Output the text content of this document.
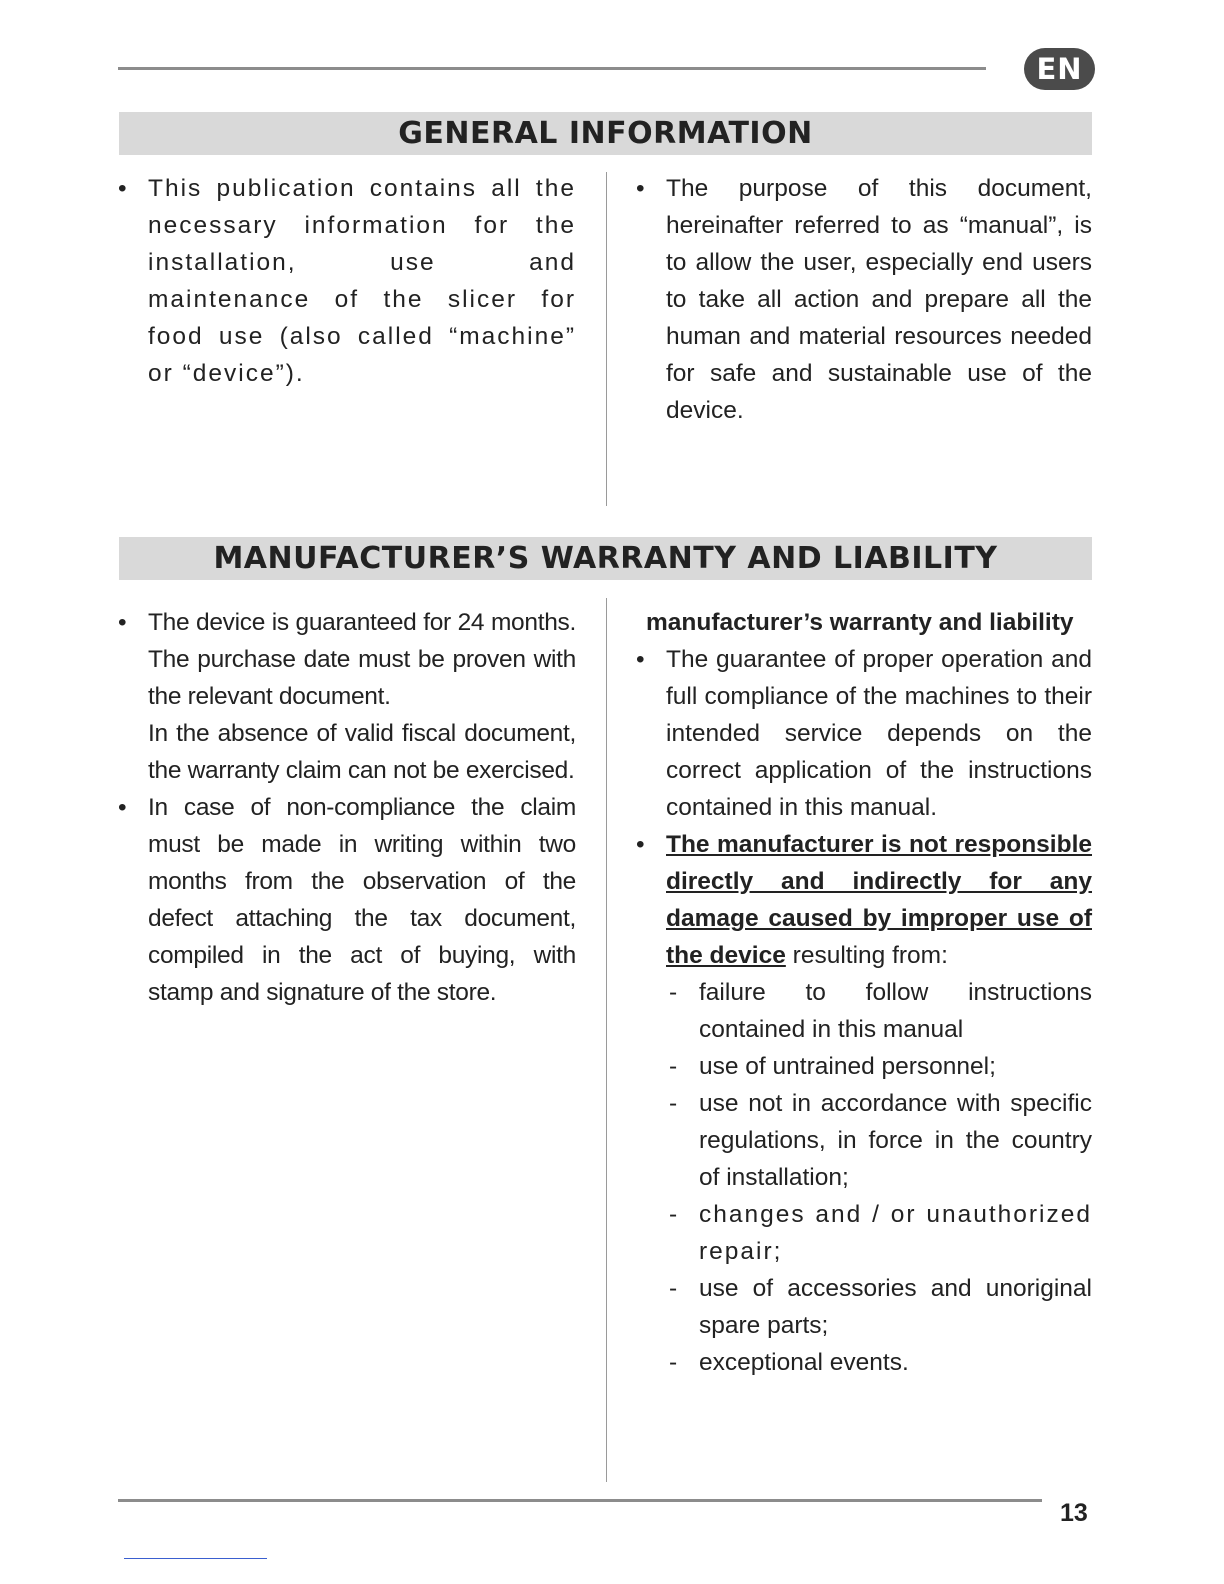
EN
GENERAL INFORMATION

• This publication contains all the necessary information for the installation, use and maintenance of the slicer for food use (also called “machine” or “device”).

• The purpose of this document, hereinafter referred to as “manual”, is to allow the user, especially end users to take all action and prepare all the human and material resources needed for safe and sustainable use of the device.

MANUFACTURER’S WARRANTY AND LIABILITY

• The device is guaranteed for 24 months. The purchase date must be proven with the relevant document.

In the absence of valid fiscal document, the warranty claim can not be exercised.

• In case of non-compliance the claim must be made in writing within two months from the observation of the defect attaching the tax document, compiled in the act of buying, with stamp and signature of the store.

manufacturer’s warranty and liability

• The guarantee of proper operation and full compliance of the machines to their intended service depends on the correct application of the instructions contained in this manual.

• The manufacturer is not responsible directly and indirectly for any damage caused by improper use of the device resulting from:

- failure to follow instructions contained in this manual

- use of untrained personnel;

- use not in accordance with specific regulations, in force in the country of installation;

- changes and / or unauthorized repair;

- use of accessories and unoriginal spare parts;

- exceptional events.

13
